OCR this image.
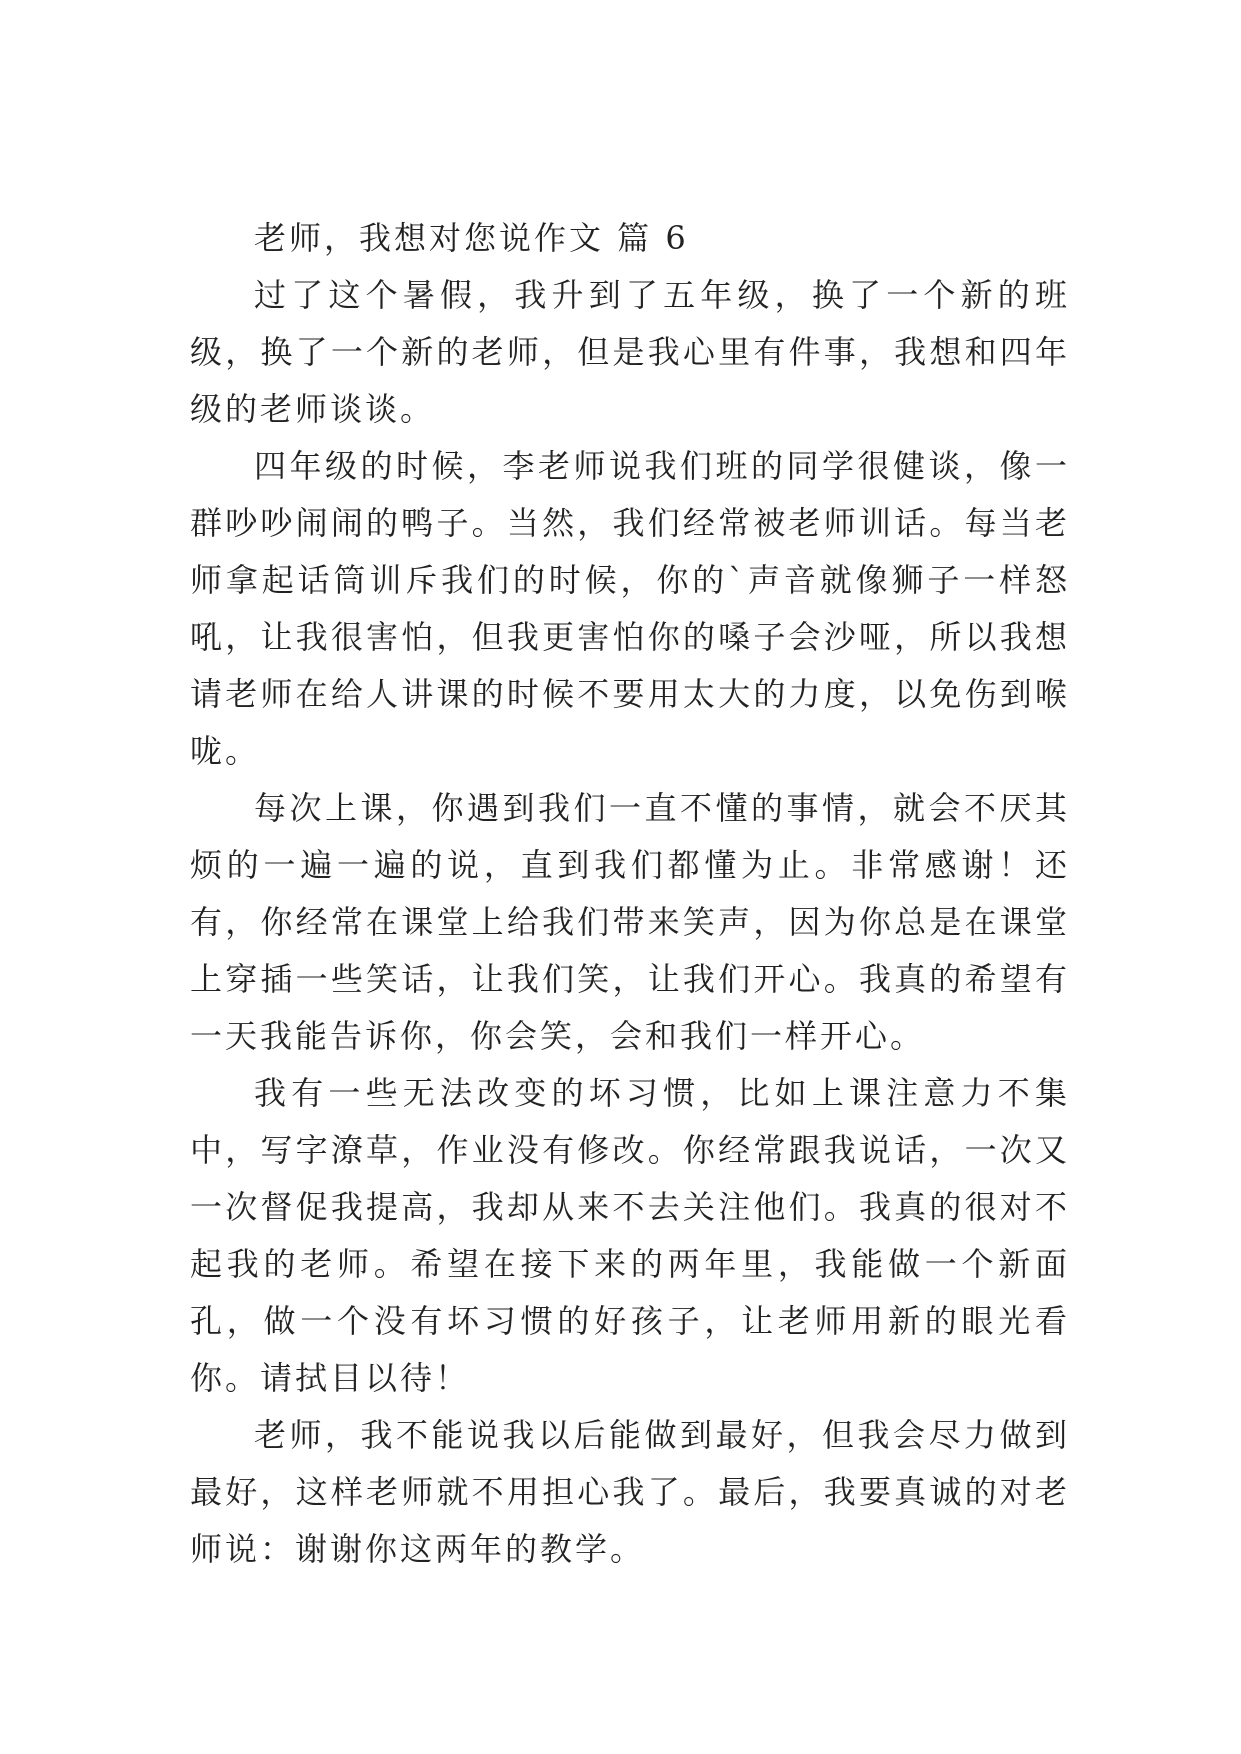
老师，我想对您说作文 篇 6

过了这个暑假，我升到了五年级，换了一个新的班级，换了一个新的老师，但是我心里有件事，我想和四年级的老师谈谈。

四年级的时候，李老师说我们班的同学很健谈，像一群吵吵闹闹的鸭子。当然，我们经常被老师训话。每当老师拿起话筒训斥我们的时候，你的`声音就像狮子一样怒吼，让我很害怕，但我更害怕你的嗓子会沙哑，所以我想请老师在给人讲课的时候不要用太大的力度，以免伤到喉咙。

每次上课，你遇到我们一直不懂的事情，就会不厌其烦的一遍一遍的说，直到我们都懂为止。非常感谢！还有，你经常在课堂上给我们带来笑声，因为你总是在课堂上穿插一些笑话，让我们笑，让我们开心。我真的希望有一天我能告诉你，你会笑，会和我们一样开心。

我有一些无法改变的坏习惯，比如上课注意力不集中，写字潦草，作业没有修改。你经常跟我说话，一次又一次督促我提高，我却从来不去关注他们。我真的很对不起我的老师。希望在接下来的两年里，我能做一个新面孔，做一个没有坏习惯的好孩子，让老师用新的眼光看你。请拭目以待！

老师，我不能说我以后能做到最好，但我会尽力做到最好，这样老师就不用担心我了。最后，我要真诚的对老师说：谢谢你这两年的教学。
